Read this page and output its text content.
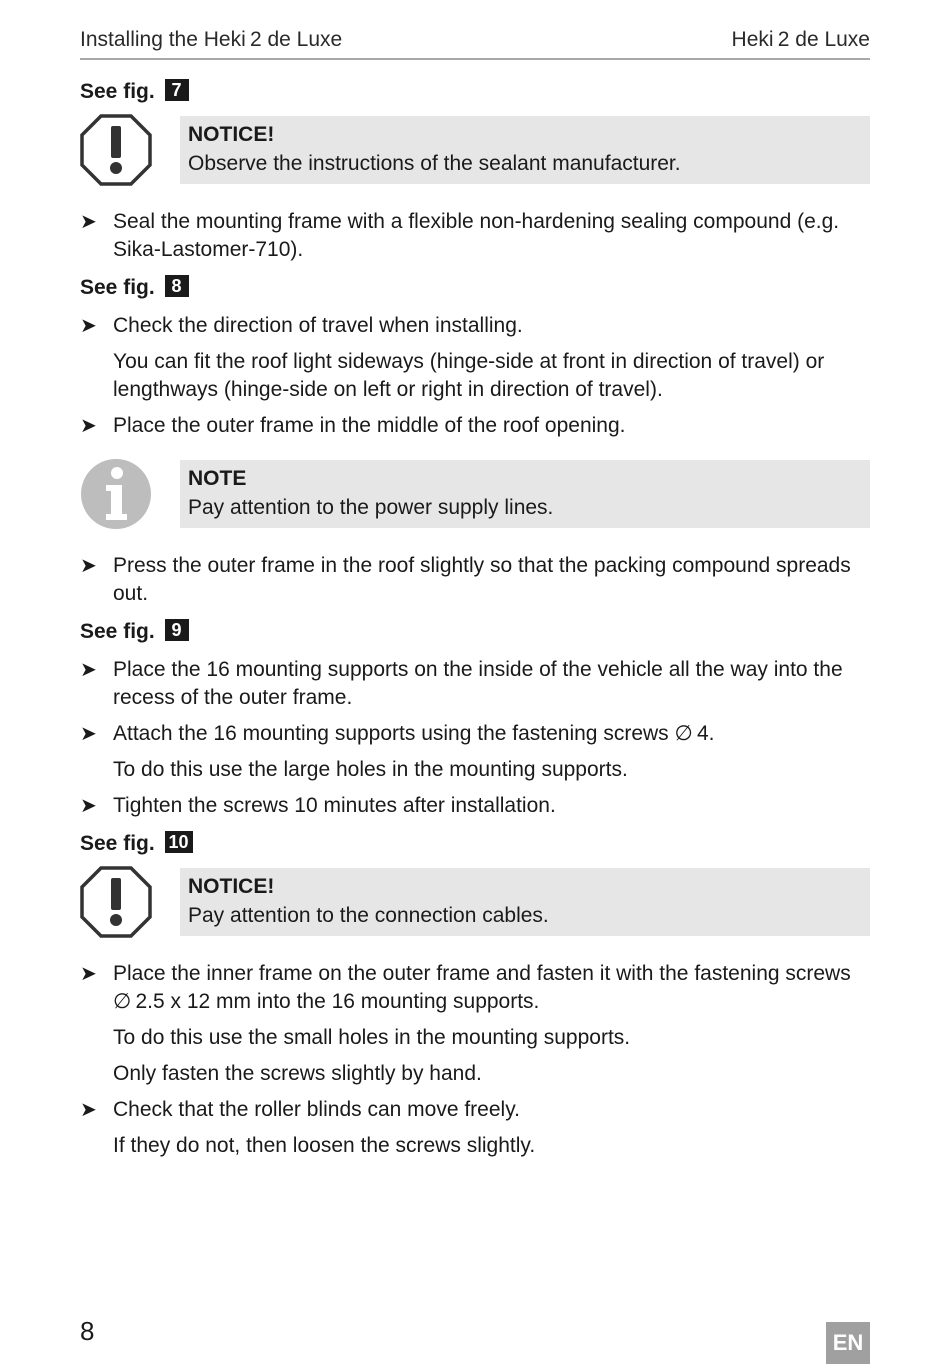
Installing the Heki 2 de Luxe	Heki 2 de Luxe
See fig. 7
NOTICE!
Observe the instructions of the sealant manufacturer.
➤ Seal the mounting frame with a flexible non-hardening sealing compound (e.g. Sika-Lastomer-710).
See fig. 8
➤ Check the direction of travel when installing.
You can fit the roof light sideways (hinge-side at front in direction of travel) or lengthways (hinge-side on left or right in direction of travel).
➤ Place the outer frame in the middle of the roof opening.
NOTE
Pay attention to the power supply lines.
➤ Press the outer frame in the roof slightly so that the packing compound spreads out.
See fig. 9
➤ Place the 16 mounting supports on the inside of the vehicle all the way into the recess of the outer frame.
➤ Attach the 16 mounting supports using the fastening screws ∅ 4.
To do this use the large holes in the mounting supports.
➤ Tighten the screws 10 minutes after installation.
See fig. 10
NOTICE!
Pay attention to the connection cables.
➤ Place the inner frame on the outer frame and fasten it with the fastening screws ∅ 2.5 x 12 mm into the 16 mounting supports.
To do this use the small holes in the mounting supports.
Only fasten the screws slightly by hand.
➤ Check that the roller blinds can move freely.
If they do not, then loosen the screws slightly.
8	EN
